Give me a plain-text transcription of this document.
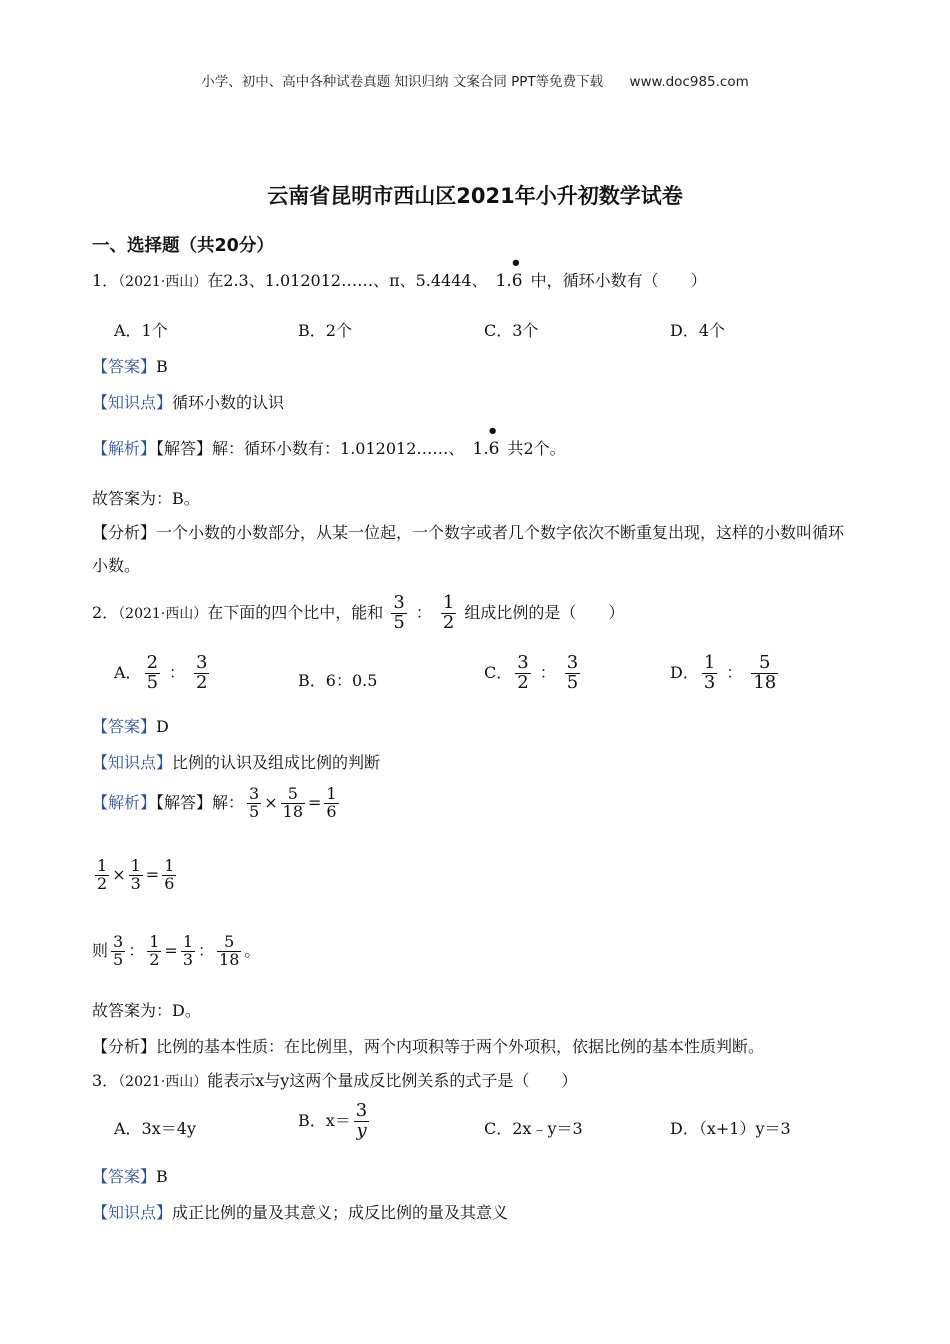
小学、初中、高中各种试卷真题 知识归纳 文案合同 PPT等免费下载 www.doc985.com
云南省昆明市西山区2021年小升初数学试卷
一、选择题（共20分）
1．（2021·西山）在2.3、1.012012……、π、5.4444、 1.6
•
中，循环小数有（　　）
A．1个	B．2个	C．3个	D．4个
【答案】B
【知识点】循环小数的认识
【解析】【解答】解：循环小数有：1.012012……、 1.6
•
共2个。
故答案为：B。
【分析】一个小数的小数部分，从某一位起，一个数字或者几个数字依次不断重复出现，这样的小数叫循环小数。
2．（2021·西山）在下面的四个比中，能和 $\frac{3}{5}$ ： $\frac{1}{2}$ 组成比例的是（　　）
A． $\frac{2}{5}$ ： $\frac{3}{2}$	B．6：0.5	C． $\frac{3}{2}$ ： $\frac{3}{5}$	D． $\frac{1}{3}$ ： $\frac{5}{18}$
【答案】D
【知识点】比例的认识及组成比例的判断
【解析】【解答】解： $\frac{3}{5} \times \frac{5}{18} = \frac{1}{6}$
$\frac{1}{2} \times \frac{1}{3} = \frac{1}{6}$
则 $\frac{3}{5}$ ： $\frac{1}{2} = \frac{1}{3}$ ： $\frac{5}{18}$ 。
故答案为：D。
【分析】比例的基本性质：在比例里，两个内项积等于两个外项积，依据比例的基本性质判断。
3．（2021·西山）能表示x与y这两个量成反比例关系的式子是（　　）
A．3x＝4y	B．$x= \frac{3}{y}$	C．2x﹣y＝3	D．（x+1）y＝3
【答案】B
【知识点】成正比例的量及其意义；成反比例的量及其意义
